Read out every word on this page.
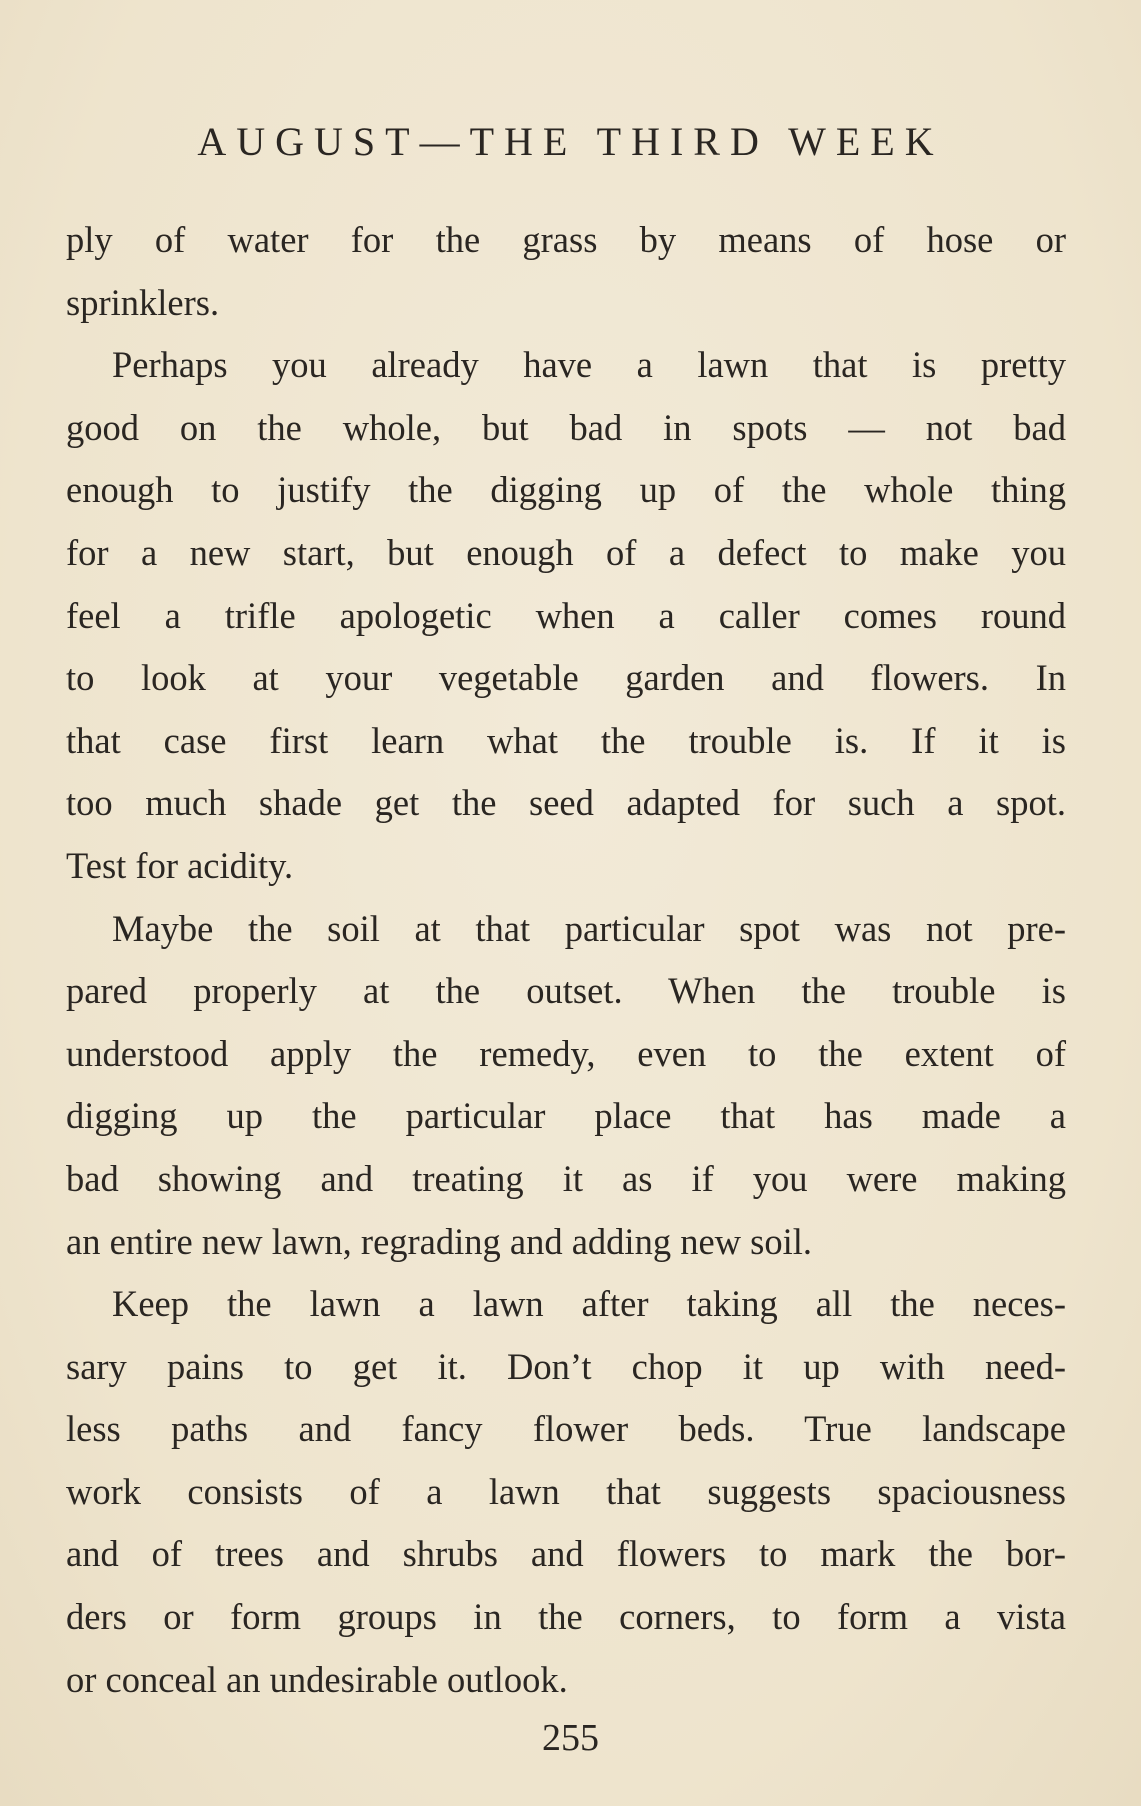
AUGUST—THE THIRD WEEK

ply of water for the grass by means of hose or
sprinklers.

Perhaps you already have a lawn that is pretty
good on the whole, but bad in spots — not bad
enough to justify the digging up of the whole thing
for a new start, but enough of a defect to make you
feel a trifle apologetic when a caller comes round
to look at your vegetable garden and flowers. In
that case first learn what the trouble is. If it is
too much shade get the seed adapted for such a spot.
Test for acidity.

Maybe the soil at that particular spot was not pre-
pared properly at the outset. When the trouble is
understood apply the remedy, even to the extent of
digging up the particular place that has made a
bad showing and treating it as if you were making
an entire new lawn, regrading and adding new soil.

Keep the lawn a lawn after taking all the neces-
sary pains to get it. Don’t chop it up with need-
less paths and fancy flower beds. True landscape
work consists of a lawn that suggests spaciousness
and of trees and shrubs and flowers to mark the bor-
ders or form groups in the corners, to form a vista
or conceal an undesirable outlook.

255
